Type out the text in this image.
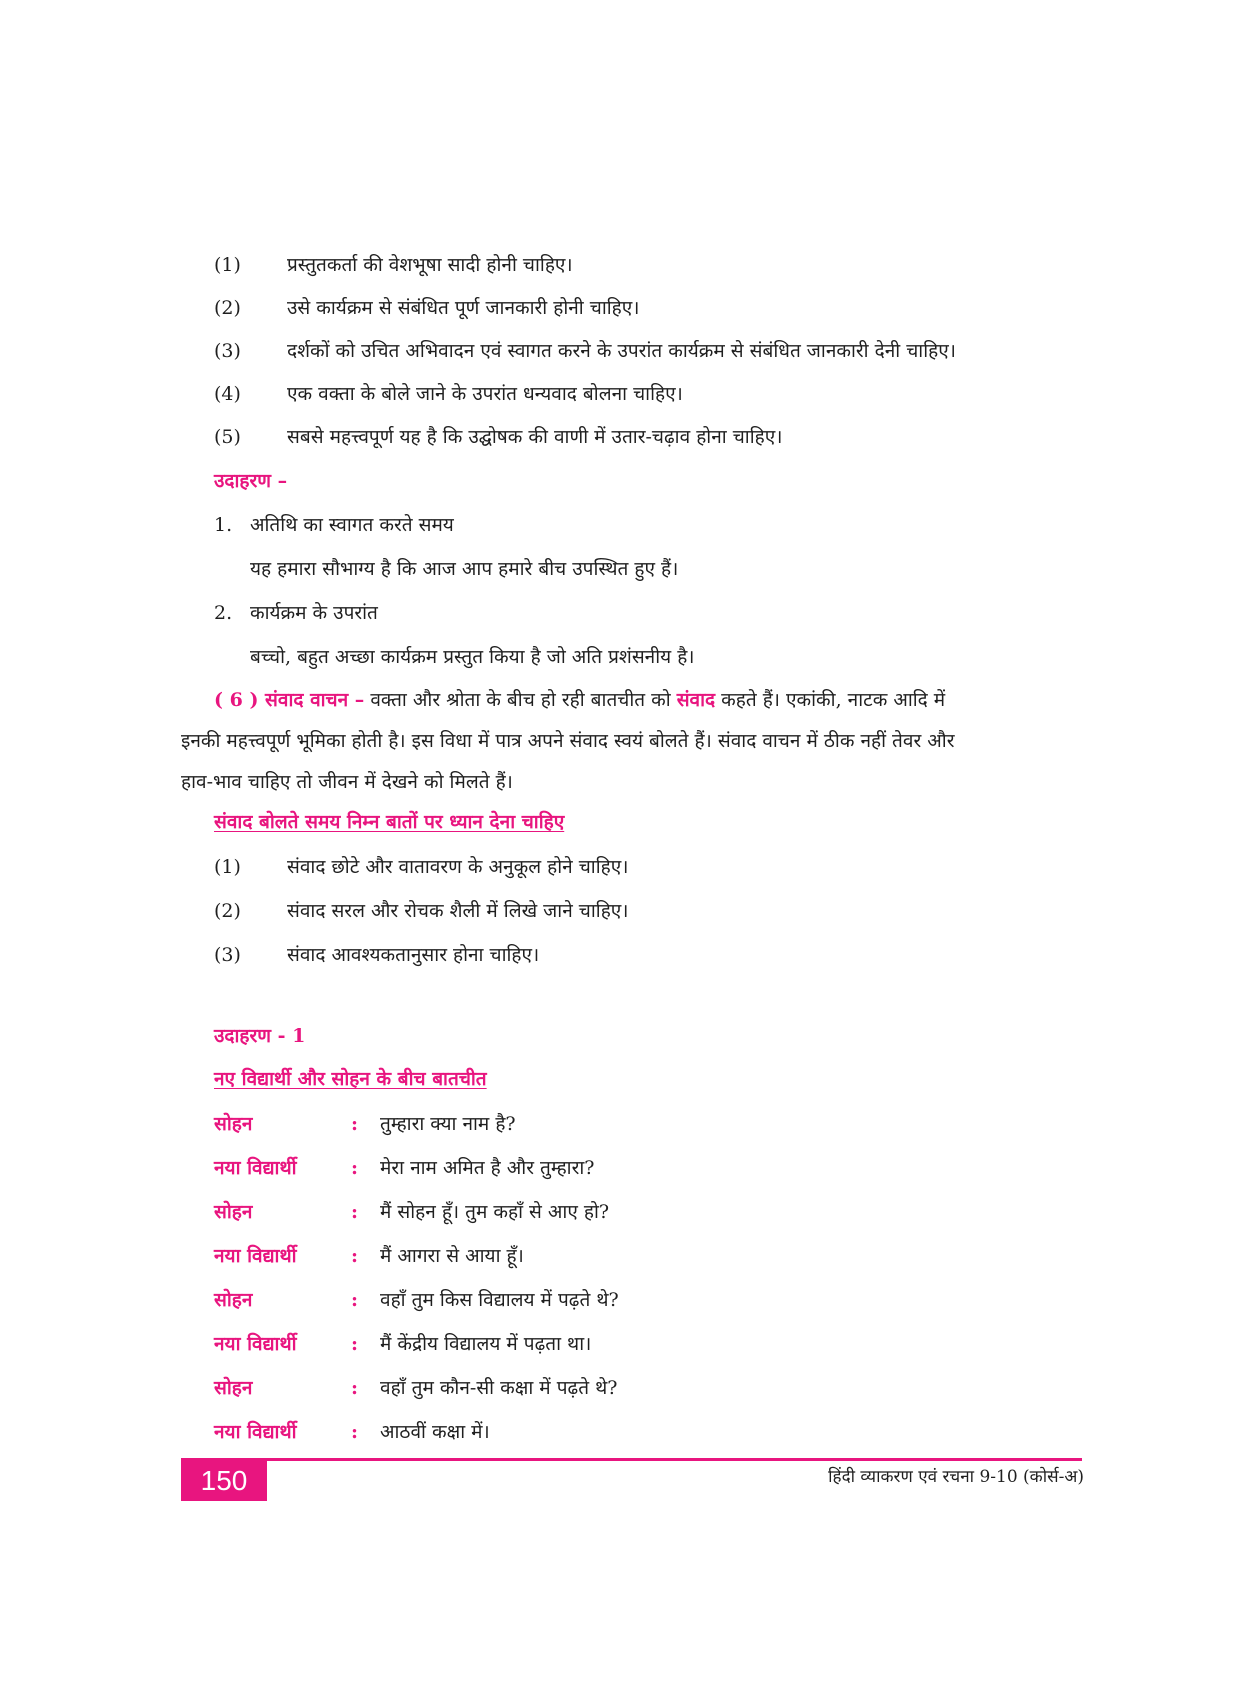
(1) प्रस्तुतकर्ता की वेशभूषा सादी होनी चाहिए।
(2) उसे कार्यक्रम से संबंधित पूर्ण जानकारी होनी चाहिए।
(3) दर्शकों को उचित अभिवादन एवं स्वागत करने के उपरांत कार्यक्रम से संबंधित जानकारी देनी चाहिए।
(4) एक वक्ता के बोले जाने के उपरांत धन्यवाद बोलना चाहिए।
(5) सबसे महत्त्वपूर्ण यह है कि उद्घोषक की वाणी में उतार-चढ़ाव होना चाहिए।
उदाहरण –
1. अतिथि का स्वागत करते समय
यह हमारा सौभाग्य है कि आज आप हमारे बीच उपस्थित हुए हैं।
2. कार्यक्रम के उपरांत
बच्चो, बहुत अच्छा कार्यक्रम प्रस्तुत किया है जो अति प्रशंसनीय है।
( 6 ) संवाद वाचन – वक्ता और श्रोता के बीच हो रही बातचीत को संवाद कहते हैं। एकांकी, नाटक आदि में
इनकी महत्त्वपूर्ण भूमिका होती है। इस विधा में पात्र अपने संवाद स्वयं बोलते हैं। संवाद वाचन में ठीक नहीं तेवर और
हाव-भाव चाहिए तो जीवन में देखने को मिलते हैं।
संवाद बोलते समय निम्न बातों पर ध्यान देना चाहिए
(1) संवाद छोटे और वातावरण के अनुकूल होने चाहिए।
(2) संवाद सरल और रोचक शैली में लिखे जाने चाहिए।
(3) संवाद आवश्यकतानुसार होना चाहिए।
उदाहरण - 1
नए विद्यार्थी और सोहन के बीच बातचीत
सोहन	: तुम्हारा क्या नाम है?
नया विद्यार्थी	: मेरा नाम अमित है और तुम्हारा?
सोहन	: मैं सोहन हूँ। तुम कहाँ से आए हो?
नया विद्यार्थी	: मैं आगरा से आया हूँ।
सोहन	: वहाँ तुम किस विद्यालय में पढ़ते थे?
नया विद्यार्थी	: मैं केंद्रीय विद्यालय में पढ़ता था।
सोहन	: वहाँ तुम कौन-सी कक्षा में पढ़ते थे?
नया विद्यार्थी	: आठवीं कक्षा में।
150	हिंदी व्याकरण एवं रचना 9-10 (कोर्स-अ)
